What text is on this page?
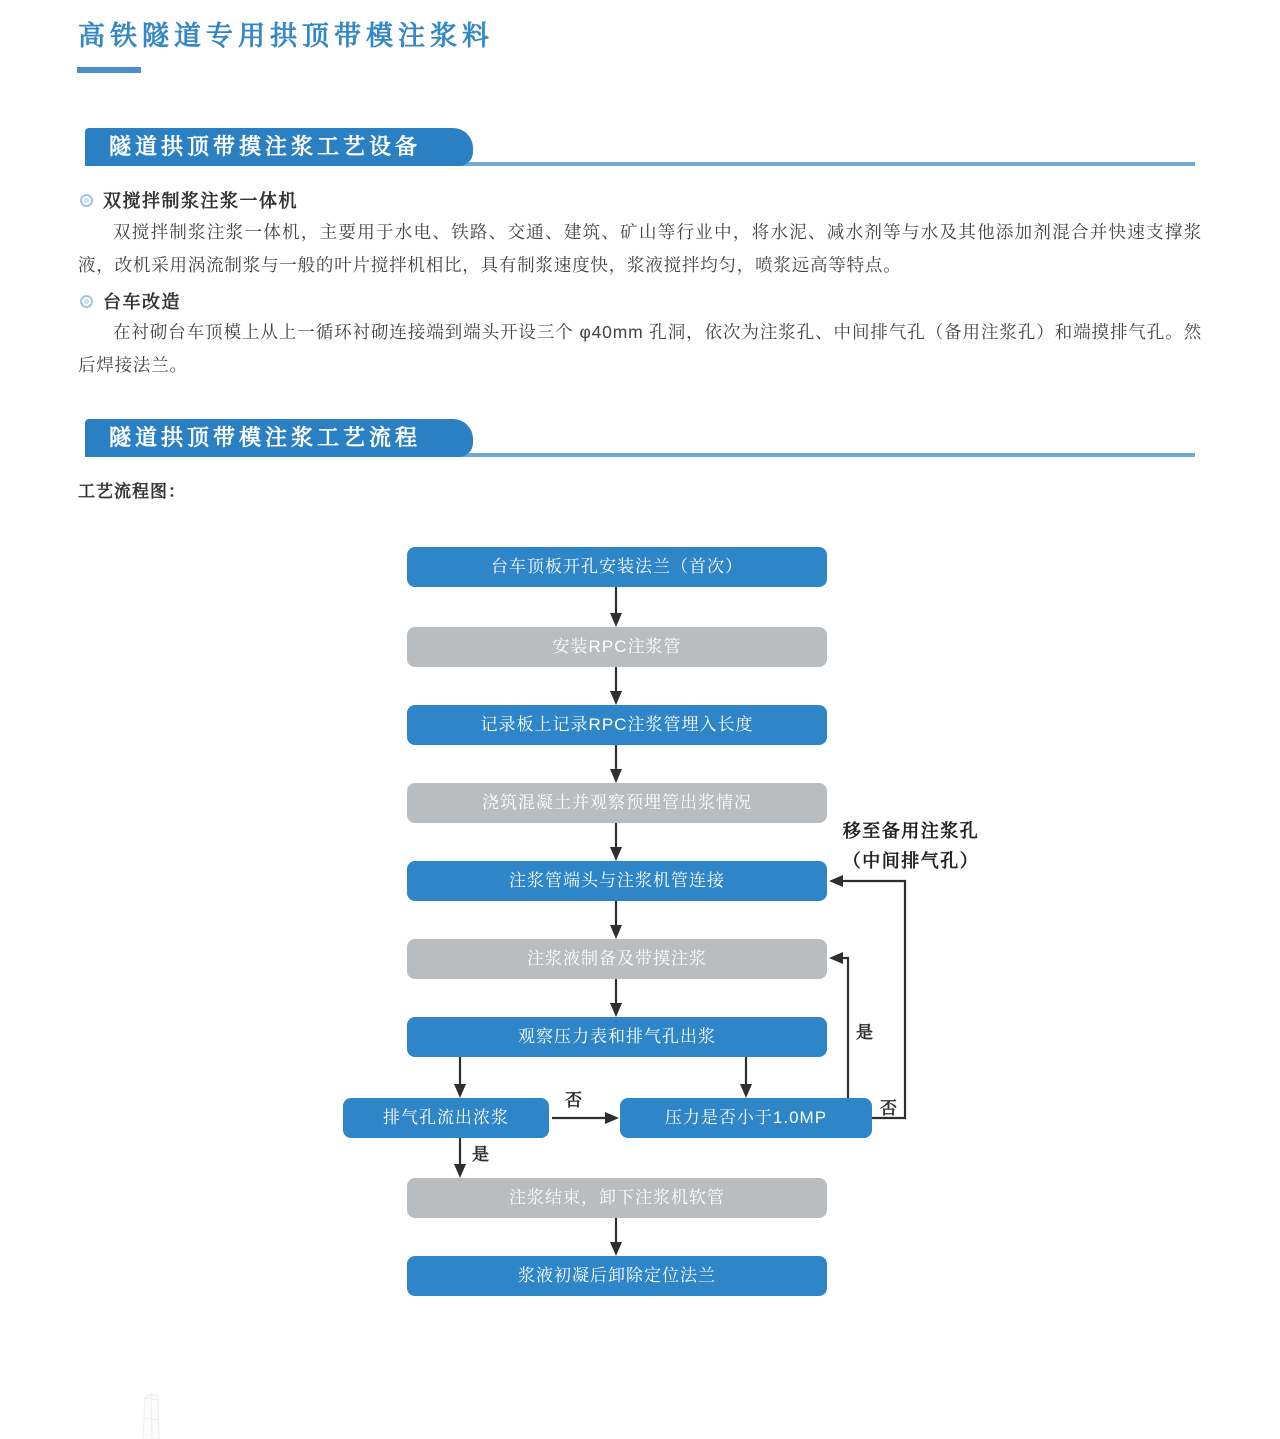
高铁隧道专用拱顶带模注浆料
隧道拱顶带摸注浆工艺设备
双搅拌制浆注浆一体机

双搅拌制浆注浆一体机，主要用于水电、铁路、交通、建筑、矿山等行业中，将水泥、减水剂等与水及其他添加剂混合并快速支撑浆液，改机采用涡流制浆与一般的叶片搅拌机相比，具有制浆速度快，浆液搅拌均匀，喷浆远高等特点。

台车改造

在衬砌台车顶模上从上一循环衬砌连接端到端头开设三个 φ40mm 孔洞，依次为注浆孔、中间排气孔（备用注浆孔）和端摸排气孔。然后焊接法兰。

隧道拱顶带模注浆工艺流程
工艺流程图：
台车顶板开孔安装法兰（首次）
安装RPC注浆管
记录板上记录RPC注浆管埋入长度
浇筑混凝土并观察预埋管出浆情况
注浆管端头与注浆机管连接
注浆液制备及带摸注浆
观察压力表和排气孔出浆
排气孔流出浓浆	压力是否小于1.0MP
注浆结束，卸下注浆机软管
浆液初凝后卸除定位法兰
否
是
是
否
移至备用注浆孔
（中间排气孔）
